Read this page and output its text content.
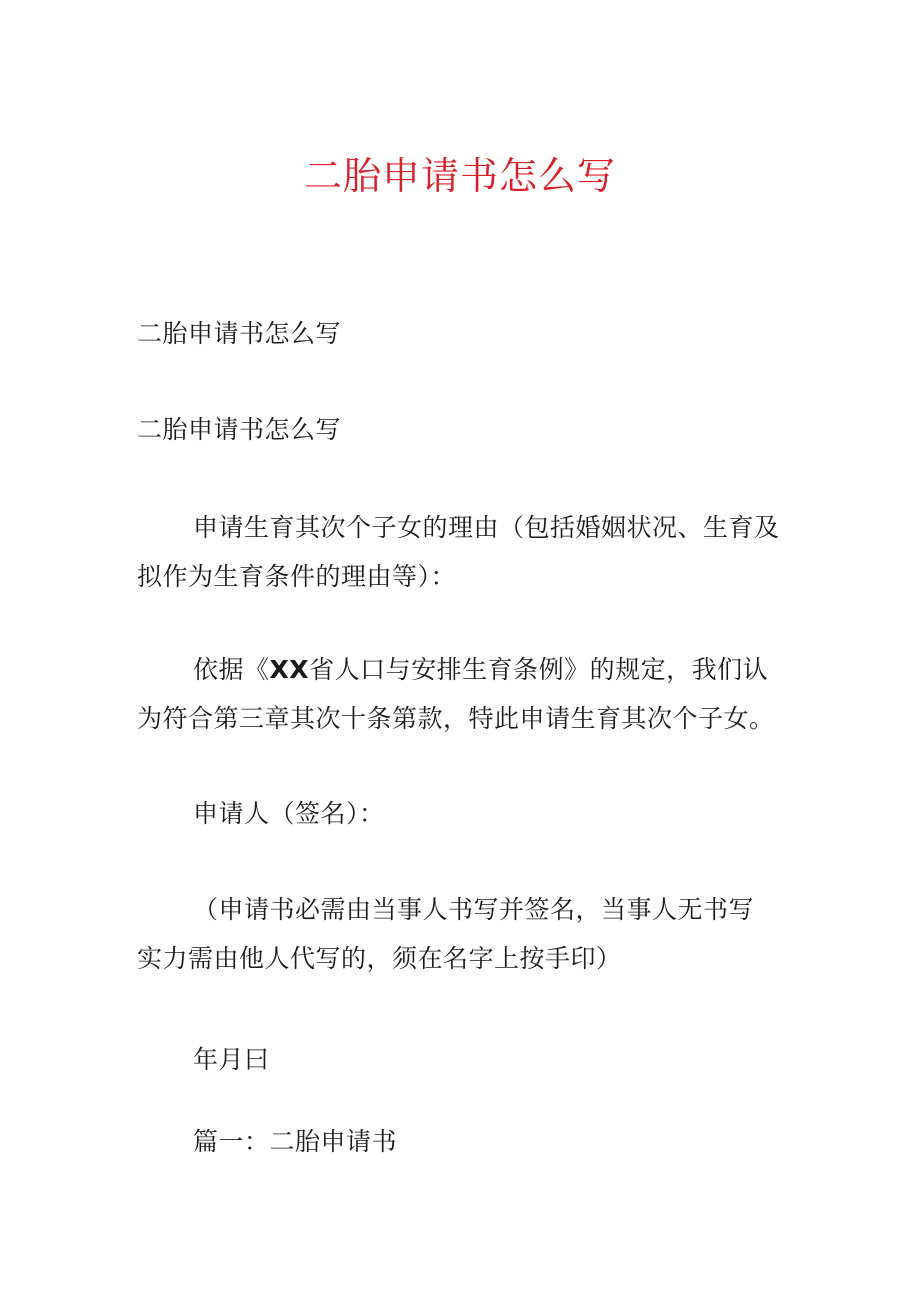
二胎申请书怎么写

二胎申请书怎么写

二胎申请书怎么写

申请生育其次个子女的理由（包括婚姻状况、生育及
拟作为生育条件的理由等）：

依据《XX省人口与安排生育条例》的规定，我们认
为符合第三章其次十条第款，特此申请生育其次个子女。

申请人（签名）：

（申请书必需由当事人书写并签名，当事人无书写
实力需由他人代写的，须在名字上按手印）

年月曰

篇一：二胎申请书
